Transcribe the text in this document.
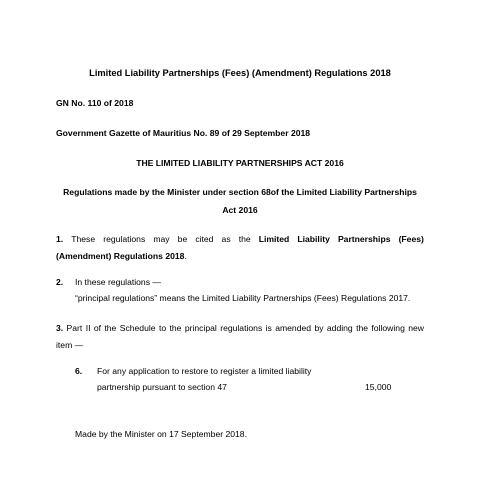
Limited Liability Partnerships (Fees) (Amendment) Regulations 2018
GN No. 110 of 2018
Government Gazette of Mauritius No. 89 of 29 September 2018
THE LIMITED LIABILITY PARTNERSHIPS ACT 2016
Regulations made by the Minister under section 68of the Limited Liability Partnerships
Act 2016
1. These regulations may be cited as the Limited Liability Partnerships (Fees)
(Amendment) Regulations 2018.
2. In these regulations —
“principal regulations” means the Limited Liability Partnerships (Fees) Regulations 2017.
3. Part II of the Schedule to the principal regulations is amended by adding the following new
item —
6. For any application to restore to register a limited liability
partnership pursuant to section 47	15,000
Made by the Minister on 17 September 2018.
